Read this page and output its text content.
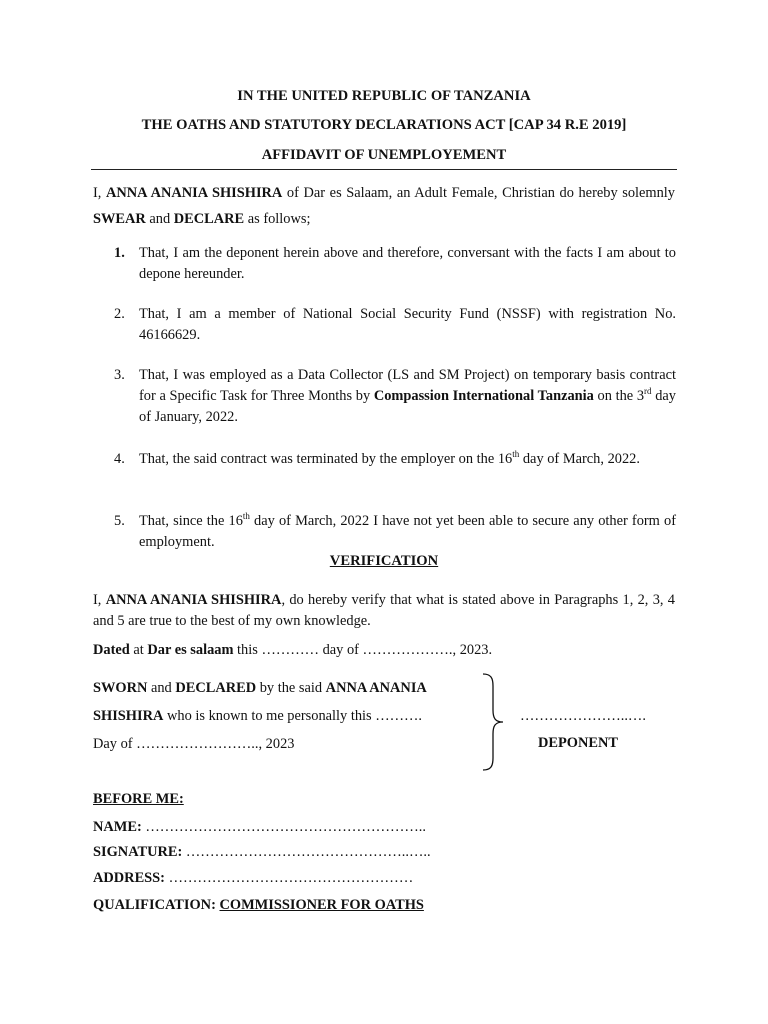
IN THE UNITED REPUBLIC OF TANZANIA
THE OATHS AND STATUTORY DECLARATIONS ACT [CAP 34 R.E 2019]
AFFIDAVIT OF UNEMPLOYEMENT
I, ANNA ANANIA SHISHIRA of Dar es Salaam, an Adult Female, Christian do hereby solemnly SWEAR and DECLARE as follows;
1. That, I am the deponent herein above and therefore, conversant with the facts I am about to depone hereunder.
2. That, I am a member of National Social Security Fund (NSSF) with registration No. 46166629.
3. That, I was employed as a Data Collector (LS and SM Project) on temporary basis contract for a Specific Task for Three Months by Compassion International Tanzania on the 3rd day of January, 2022.
4. That, the said contract was terminated by the employer on the 16th day of March, 2022.
5. That, since the 16th day of March, 2022 I have not yet been able to secure any other form of employment.
VERIFICATION
I, ANNA ANANIA SHISHIRA, do hereby verify that what is stated above in Paragraphs 1, 2, 3, 4 and 5 are true to the best of my own knowledge.
Dated at Dar es salaam this ………… day of ………………., 2023.
SWORN and DECLARED by the said ANNA ANANIA
SHISHIRA who is known to me personally this ……….
Day of …………………….., 2023
…………………..….
DEPONENT
BEFORE ME:
NAME: …………………………………………………..
SIGNATURE: ………………………………………..…..
ADDRESS: ……………………………………………
QUALIFICATION: COMMISSIONER FOR OATHS
